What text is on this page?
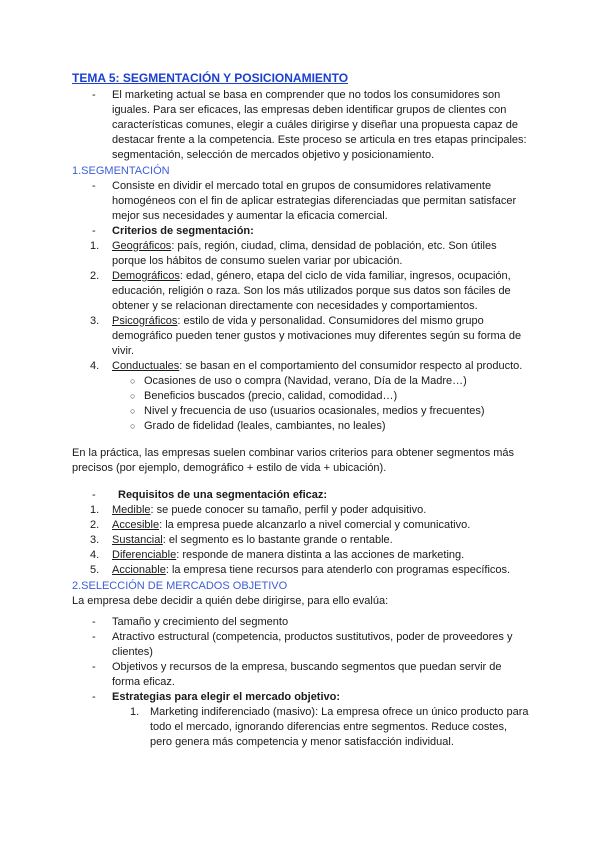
TEMA 5: SEGMENTACIÓN Y POSICIONAMIENTO
-	El marketing actual se basa en comprender que no todos los consumidores son iguales. Para ser eficaces, las empresas deben identificar grupos de clientes con características comunes, elegir a cuáles dirigirse y diseñar una propuesta capaz de destacar frente a la competencia. Este proceso se articula en tres etapas principales: segmentación, selección de mercados objetivo y posicionamiento.
1.SEGMENTACIÓN
-	Consiste en dividir el mercado total en grupos de consumidores relativamente homogéneos con el fin de aplicar estrategias diferenciadas que permitan satisfacer mejor sus necesidades y aumentar la eficacia comercial.
-	Criterios de segmentación:
1.	Geográficos: país, región, ciudad, clima, densidad de población, etc. Son útiles porque los hábitos de consumo suelen variar por ubicación.
2.	Demográficos: edad, género, etapa del ciclo de vida familiar, ingresos, ocupación, educación, religión o raza. Son los más utilizados porque sus datos son fáciles de obtener y se relacionan directamente con necesidades y comportamientos.
3.	Psicográficos: estilo de vida y personalidad. Consumidores del mismo grupo demográfico pueden tener gustos y motivaciones muy diferentes según su forma de vivir.
4.	Conductuales: se basan en el comportamiento del consumidor respecto al producto.
○ Ocasiones de uso o compra (Navidad, verano, Día de la Madre…)
○ Beneficios buscados (precio, calidad, comodidad…)
○ Nivel y frecuencia de uso (usuarios ocasionales, medios y frecuentes)
○ Grado de fidelidad (leales, cambiantes, no leales)

En la práctica, las empresas suelen combinar varios criterios para obtener segmentos más precisos (por ejemplo, demográfico + estilo de vida + ubicación).

-	Requisitos de una segmentación eficaz:
1.	Medible: se puede conocer su tamaño, perfil y poder adquisitivo.
2.	Accesible: la empresa puede alcanzarlo a nivel comercial y comunicativo.
3.	Sustancial: el segmento es lo bastante grande o rentable.
4.	Diferenciable: responde de manera distinta a las acciones de marketing.
5.	Accionable: la empresa tiene recursos para atenderlo con programas específicos.
2.SELECCIÓN DE MERCADOS OBJETIVO
La empresa debe decidir a quién debe dirigirse, para ello evalúa:
-	Tamaño y crecimiento del segmento
-	Atractivo estructural (competencia, productos sustitutivos, poder de proveedores y clientes)
-	Objetivos y recursos de la empresa, buscando segmentos que puedan servir de forma eficaz.
-	Estrategias para elegir el mercado objetivo:
1. Marketing indiferenciado (masivo): La empresa ofrece un único producto para todo el mercado, ignorando diferencias entre segmentos. Reduce costes, pero genera más competencia y menor satisfacción individual.
